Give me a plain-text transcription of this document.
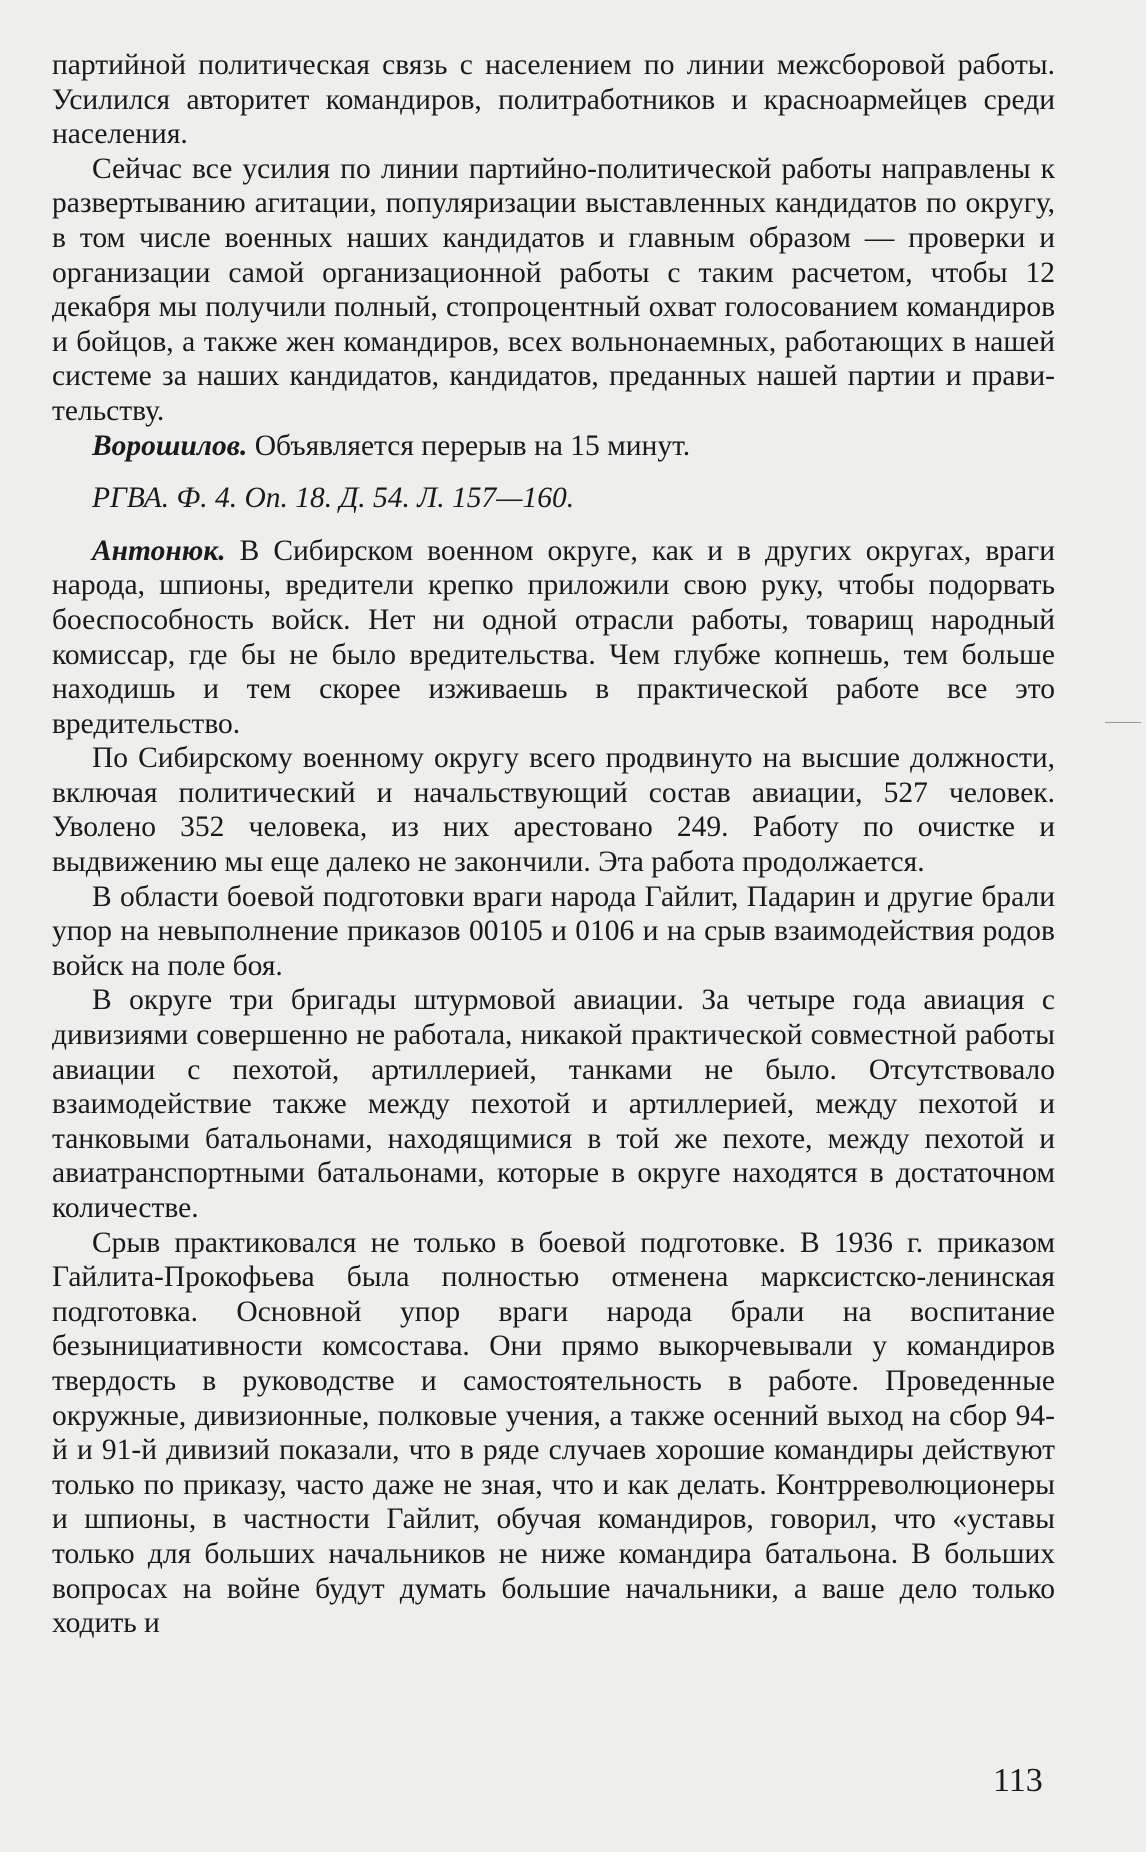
партийной политическая связь с населением по линии межсборовой работы. Усилился авторитет командиров, политработников и красноармейцев среди населения.

Сейчас все усилия по линии партийно-политической работы направлены к развертыванию агитации, популяризации выставленных кандидатов по округу, в том числе военных наших кандидатов и главным образом — проверки и организации самой организационной работы с таким расчетом, чтобы 12 декабря мы получили полный, стопроцентный охват голосованием командиров и бойцов, а также жен командиров, всех вольнонаемных, работающих в нашей системе за наших кандидатов, кандидатов, преданных нашей партии и правительству.

Ворошилов. Объявляется перерыв на 15 минут.

РГВА. Ф. 4. Оп. 18. Д. 54. Л. 157—160.

Антонюк. В Сибирском военном округе, как и в других округах, враги народа, шпионы, вредители крепко приложили свою руку, чтобы подорвать боеспособность войск. Нет ни одной отрасли работы, товарищ народный комиссар, где бы не было вредительства. Чем глубже копнешь, тем больше находишь и тем скорее изживаешь в практической работе все это вредительство.

По Сибирскому военному округу всего продвинуто на высшие должности, включая политический и начальствующий состав авиации, 527 человек. Уволено 352 человека, из них арестовано 249. Работу по очистке и выдвижению мы еще далеко не закончили. Эта работа продолжается.

В области боевой подготовки враги народа Гайлит, Падарин и другие брали упор на невыполнение приказов 00105 и 0106 и на срыв взаимодействия родов войск на поле боя.

В округе три бригады штурмовой авиации. За четыре года авиация с дивизиями совершенно не работала, никакой практической совместной работы авиации с пехотой, артиллерией, танками не было. Отсутствовало взаимодействие также между пехотой и артиллерией, между пехотой и танковыми батальонами, находящимися в той же пехоте, между пехотой и авиатранспортными батальонами, которые в округе находятся в достаточном количестве.

Срыв практиковался не только в боевой подготовке. В 1936 г. приказом Гайлита-Прокофьева была полностью отменена марксистско-ленинская подготовка. Основной упор враги народа брали на воспитание безынициативности комсостава. Они прямо выкорчевывали у командиров твердость в руководстве и самостоятельность в работе. Проведенные окружные, дивизионные, полковые учения, а также осенний выход на сбор 94-й и 91-й дивизий показали, что в ряде случаев хорошие командиры действуют только по приказу, часто даже не зная, что и как делать. Контрреволюционеры и шпионы, в частности Гайлит, обучая командиров, говорил, что «уставы только для больших начальников не ниже командира батальона. В больших вопросах на войне будут думать большие начальники, а ваше дело только ходить и

113
